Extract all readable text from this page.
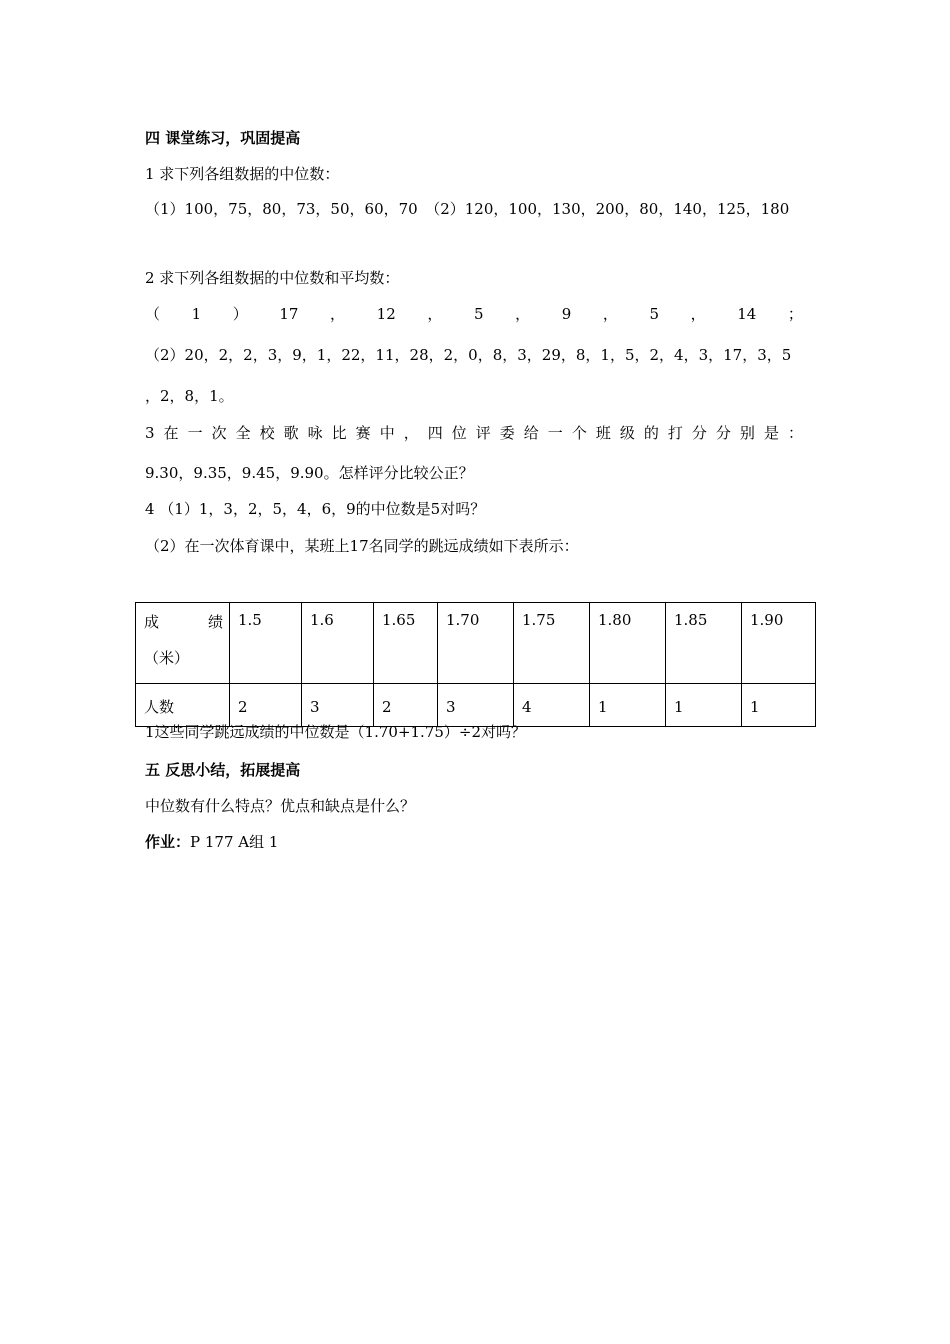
四 课堂练习，巩固提高
1 求下列各组数据的中位数：
（1）100，75，80，73，50，60，70　（2）120，100，130，200，80，140，125，180
2 求下列各组数据的中位数和平均数：
（ 1 ） 17 ， 12 ， 5 ， 9 ， 5 ， 14 ；
（2）20，2，2，3，9，1，22，11，28，2，0，8，3，29，8，1，5，2，4，3，17，3，5
，2，8，1。
3 在 一 次 全 校 歌 咏 比 赛 中 ， 四 位 评 委 给 一 个 班 级 的 打 分 分 别 是 ：
9.30，9.35，9.45，9.90。怎样评分比较公正？
4 （1）1，3，2，5，4，6，9的中位数是5对吗？
（2）在一次体育课中，某班上17名同学的跳远成绩如下表所示：
成 绩
（米）	1.5	1.6	1.65	1.70	1.75	1.80	1.85	1.90
人数	2	3	2	3	4	1	1	1
1这些同学跳远成绩的中位数是（1.70+1.75）÷2对吗？
五 反思小结，拓展提高
中位数有什么特点？优点和缺点是什么？
作业：P 177 A组 1
